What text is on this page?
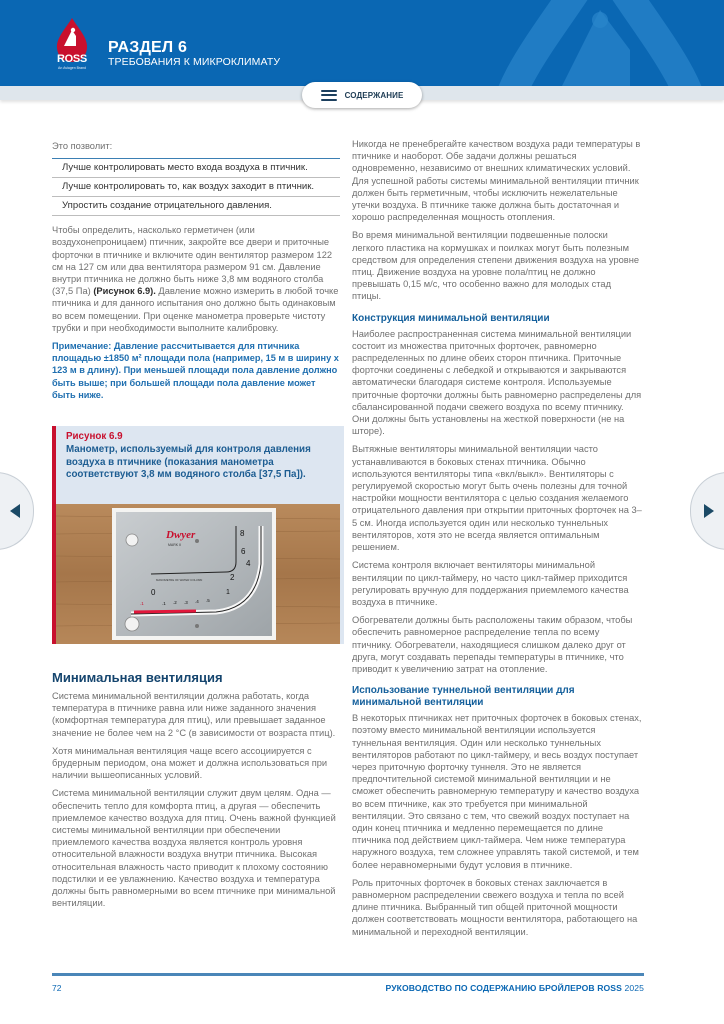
ROSS
An Aviagen Brand
РАЗДЕЛ 6
ТРЕБОВАНИЯ К МИКРОКЛИМАТУ
СОДЕРЖАНИЕ

Это позволит:

Лучше контролировать место входа воздуха в птичник.
Лучше контролировать то, как воздух заходит в птичник.
Упростить создание отрицательного давления.

Чтобы определить, насколько герметичен (или воздухонепроницаем) птичник, закройте все двери и приточные форточки в птичнике и включите один вентилятор размером 122 см на 127 см или два вентилятора размером 91 см. Давление внутри птичника не должно быть ниже 3,8 мм водяного столба (37,5 Па) (Рисунок 6.9). Давление можно измерить в любой точке птичника и для данного испытания оно должно быть одинаковым во всем помещении. При оценке манометра проверьте чистоту трубки и при необходимости выполните калибровку.

Примечание: Давление рассчитывается для птичника площадью ±1850 м² площади пола (например, 15 м в ширину x 123 м в длину). При меньшей площади пола давление должно быть выше; при большей площади пола давление может быть ниже.

Рисунок 6.9
Манометр, используемый для контроля давления воздуха в птичнике (показания манометра соответствуют 3,8 мм водяного столба [37,5 Па]).
Dwyer
MARK II
MANOMETRE OF WATER COLUMN
8
6
4
2
1
.1
0
.1 .2 .3 .4 .5
Минимальная вентиляция

Система минимальной вентиляции должна работать, когда температура в птичнике равна или ниже заданного значения (комфортная температура для птиц), или превышает заданное значение не более чем на 2 °C (в зависимости от возраста птиц).

Хотя минимальная вентиляция чаще всего ассоциируется с брудерным периодом, она может и должна использоваться при наличии вышеописанных условий.

Система минимальной вентиляции служит двум целям. Одна — обеспечить тепло для комфорта птиц, а другая — обеспечить приемлемое качество воздуха для птиц. Очень важной функцией системы минимальной вентиляции при обеспечении приемлемого качества воздуха является контроль уровня относительной влажности воздуха внутри птичника. Высокая относительная влажность часто приводит к плохому состоянию подстилки и ее увлажнению. Качество воздуха и температура должны быть равномерными во всем птичнике при минимальной вентиляции.

Никогда не пренебрегайте качеством воздуха ради температуры в птичнике и наоборот. Обе задачи должны решаться одновременно, независимо от внешних климатических условий. Для успешной работы системы минимальной вентиляции птичник должен быть герметичным, чтобы исключить нежелательные утечки воздуха. В птичнике также должна быть достаточная и хорошо распределенная мощность отопления.

Во время минимальной вентиляции подвешенные полоски легкого пластика на кормушках и поилках могут быть полезным средством для определения степени движения воздуха на уровне птиц. Движение воздуха на уровне пола/птиц не должно превышать 0,15 м/с, что особенно важно для молодых стад птицы.

Конструкция минимальной вентиляции

Наиболее распространенная система минимальной вентиляции состоит из множества приточных форточек, равномерно распределенных по длине обеих сторон птичника. Приточные форточки соединены с лебедкой и открываются и закрываются автоматически благодаря системе контроля. Используемые приточные форточки должны быть равномерно распределены для сбалансированной подачи свежего воздуха по всему птичнику. Они должны быть установлены на жесткой поверхности (не на шторе).

Вытяжные вентиляторы минимальной вентиляции часто устанавливаются в боковых стенах птичника. Обычно используются вентиляторы типа «вкл/выкл». Вентиляторы с регулируемой скоростью могут быть очень полезны для точной настройки мощности вентилятора с целью создания желаемого отрицательного давления при открытии приточных форточек на 3–5 см. Иногда используется один или несколько туннельных вентиляторов, хотя это не всегда является оптимальным решением.

Система контроля включает вентиляторы минимальной вентиляции по цикл-таймеру, но часто цикл-таймер приходится регулировать вручную для поддержания приемлемого качества воздуха в птичнике.

Обогреватели должны быть расположены таким образом, чтобы обеспечить равномерное распределение тепла по всему птичнику. Обогреватели, находящиеся слишком далеко друг от друга, могут создавать перепады температуры в птичнике, что приводит к увеличению затрат на отопление.

Использование туннельной вентиляции для минимальной вентиляции

В некоторых птичниках нет приточных форточек в боковых стенах, поэтому вместо минимальной вентиляции используется туннельная вентиляция. Один или несколько туннельных вентиляторов работают по цикл-таймеру, и весь воздух поступает через приточную форточку туннеля. Это не является предпочтительной системой минимальной вентиляции и не сможет обеспечить равномерную температуру и качество воздуха во всем птичнике, как это требуется при минимальной вентиляции. Это связано с тем, что свежий воздух поступает на один конец птичника и медленно перемещается по длине птичника под действием цикл-таймера. Чем ниже температура наружного воздуха, тем сложнее управлять такой системой, и тем более неравномерными будут условия в птичнике.

Роль приточных форточек в боковых стенах заключается в равномерном распределении свежего воздуха и тепла по всей длине птичника. Выбранный тип общей приточной мощности должен соответствовать мощности вентилятора, работающего на минимальной и переходной вентиляции.

72	РУКОВОДСТВО ПО СОДЕРЖАНИЮ БРОЙЛЕРОВ ROSS 2025
